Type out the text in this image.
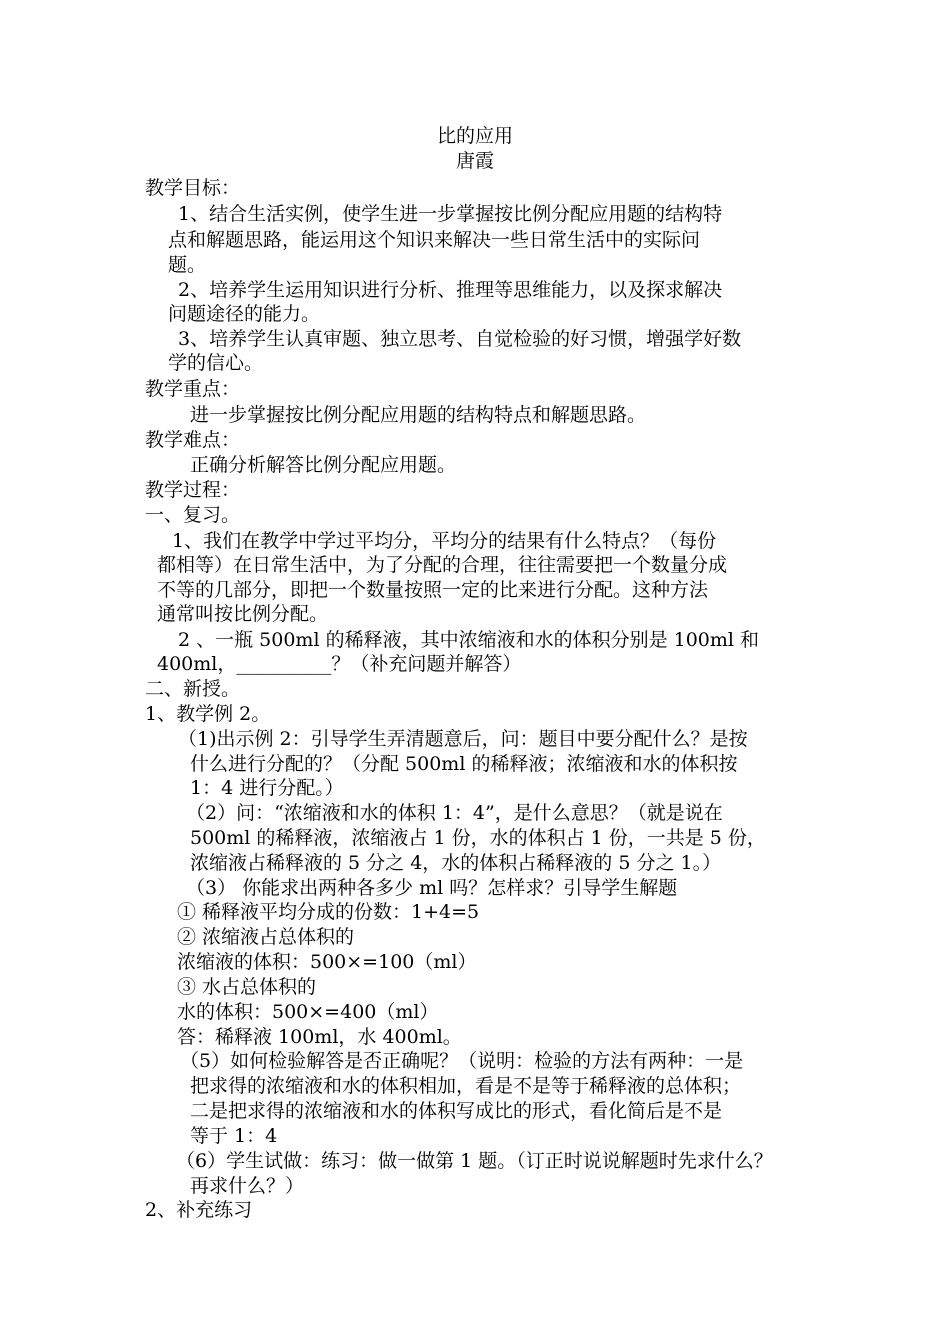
比的应用
唐霞
教学目标：
1、结合生活实例，使学生进一步掌握按比例分配应用题的结构特
点和解题思路，能运用这个知识来解决一些日常生活中的实际问
题。
2、培养学生运用知识进行分析、推理等思维能力，以及探求解决
问题途径的能力。
3、培养学生认真审题、独立思考、自觉检验的好习惯，增强学好数
学的信心。
教学重点：
进一步掌握按比例分配应用题的结构特点和解题思路。
教学难点：
正确分析解答比例分配应用题。
教学过程：
一、复习。
1、我们在教学中学过平均分，平均分的结果有什么特点？（每份
都相等）在日常生活中，为了分配的合理，往往需要把一个数量分成
不等的几部分，即把一个数量按照一定的比来进行分配。这种方法
通常叫按比例分配。
2 、一瓶 500ml 的稀释液，其中浓缩液和水的体积分别是 100ml 和
400ml，__________？（补充问题并解答）
二、新授。
1、教学例 2。
（1)出示例 2：引导学生弄清题意后，问：题目中要分配什么？是按
什么进行分配的？（分配 500ml 的稀释液；浓缩液和水的体积按
1：4 进行分配。）
（2）问：“浓缩液和水的体积 1：4”，是什么意思？（就是说在
500ml 的稀释液，浓缩液占 1 份，水的体积占 1 份，一共是 5 份，
浓缩液占稀释液的 5 分之 4，水的体积占稀释液的 5 分之 1。）
（3） 你能求出两种各多少 ml 吗？怎样求？引导学生解题
① 稀释液平均分成的份数：1+4=5
② 浓缩液占总体积的
浓缩液的体积：500×=100（ml）
③ 水占总体积的
水的体积：500×=400（ml）
答：稀释液 100ml，水 400ml。
（5）如何检验解答是否正确呢？（说明：检验的方法有两种：一是
把求得的浓缩液和水的体积相加，看是不是等于稀释液的总体积；
二是把求得的浓缩液和水的体积写成比的形式，看化简后是不是
等于 1：4
（6）学生试做：练习：做一做第 1 题。（订正时说说解题时先求什么？
再求什么？）
2、补充练习
